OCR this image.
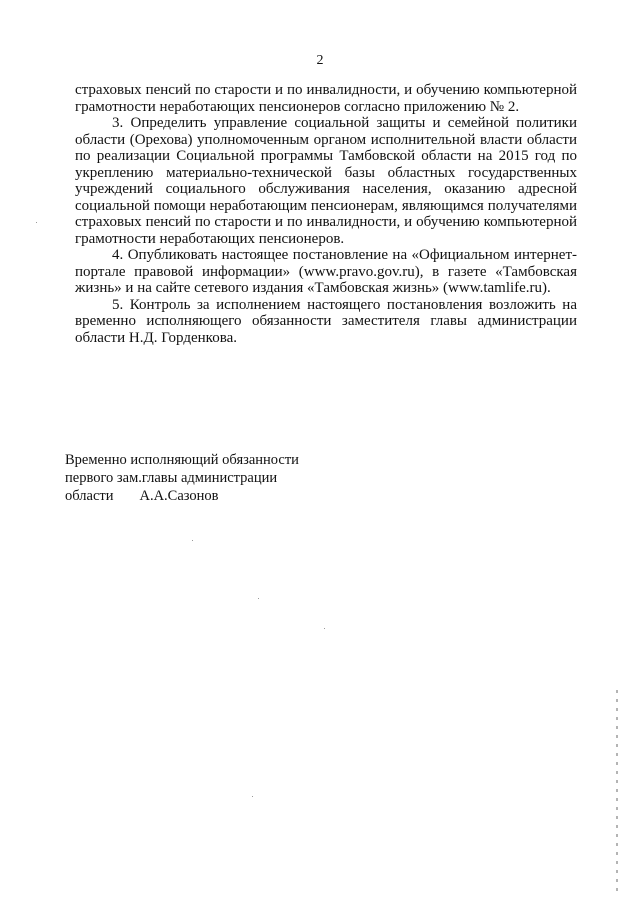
2

страховых пенсий по старости и по инвалидности, и обучению компьютерной грамотности неработающих пенсионеров согласно приложению № 2.

3. Определить управление социальной защиты и семейной политики области (Орехова) уполномоченным органом исполнительной власти области по реализации Социальной программы Тамбовской области на 2015 год по укреплению материально-технической базы областных государственных учреждений социального обслуживания населения, оказанию адресной социальной помощи неработающим пенсионерам, являющимся получателями страховых пенсий по старости и по инвалидности, и обучению компьютерной грамотности неработающих пенсионеров.

4. Опубликовать настоящее постановление на «Официальном интернет-портале правовой информации» (www.pravo.gov.ru), в газете «Тамбовская жизнь» и на сайте сетевого издания «Тамбовская жизнь» (www.tamlife.ru).

5. Контроль за исполнением настоящего постановления возложить на временно исполняющего обязанности заместителя главы администрации области Н.Д. Горденкова.

Временно исполняющий обязанности
первого зам.главы администрации
области А.А.Сазонов
